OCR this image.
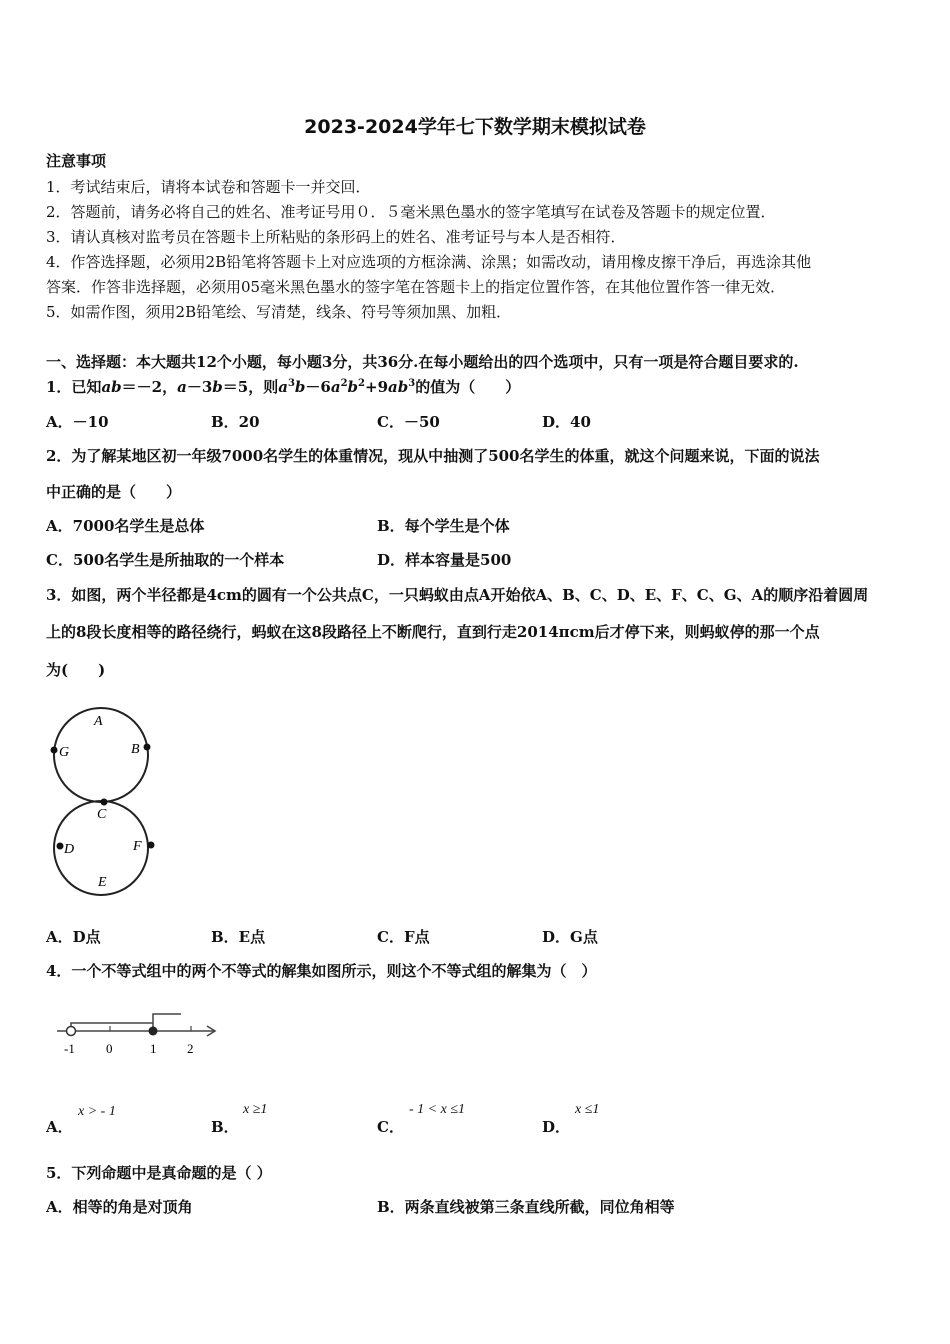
2023-2024学年七下数学期末模拟试卷
注意事项
1．考试结束后，请将本试卷和答题卡一并交回．
2．答题前，请务必将自己的姓名、准考证号用０．５毫米黑色墨水的签字笔填写在试卷及答题卡的规定位置．
3．请认真核对监考员在答题卡上所粘贴的条形码上的姓名、准考证号与本人是否相符．
4．作答选择题，必须用2B铅笔将答题卡上对应选项的方框涂满、涂黑；如需改动，请用橡皮擦干净后，再选涂其他
答案．作答非选择题，必须用05毫米黑色墨水的签字笔在答题卡上的指定位置作答，在其他位置作答一律无效．
5．如需作图，须用2B铅笔绘、写清楚，线条、符号等须加黑、加粗．
一、选择题：本大题共12个小题，每小题3分，共36分.在每小题给出的四个选项中，只有一项是符合题目要求的.
1．已知ab＝－2，a－3b＝5，则$a^3b-6a^2b^2+9ab^3$的值为（　　）
A．－10	B．20	C．－50	D．40
2．为了解某地区初一年级7000名学生的体重情况，现从中抽测了500名学生的体重，就这个问题来说，下面的说法
中正确的是（　　）
A．7000名学生是总体	B．每个学生是个体
C．500名学生是所抽取的一个样本	D．样本容量是500
3．如图，两个半径都是4cm的圆有一个公共点C，一只蚂蚁由点A开始依A、B、C、D、E、F、C、G、A的顺序沿着圆周
上的8段长度相等的路径绕行，蚂蚁在这8段路径上不断爬行，直到行走2014πcm后才停下来，则蚂蚁停的那一个点
为(　　)
A
B
G
C
D	F
E
A．D点	B．E点	C．F点	D．G点
4．一个不等式组中的两个不等式的解集如图所示，则这个不等式组的解集为（　）
-1 0	1 2
A．
x > - 1
B．
x ≥1
C．
- 1 < x ≤1
D．
x ≤1
5．下列命题中是真命题的是（ ）
A．相等的角是对顶角	B．两条直线被第三条直线所截，同位角相等
